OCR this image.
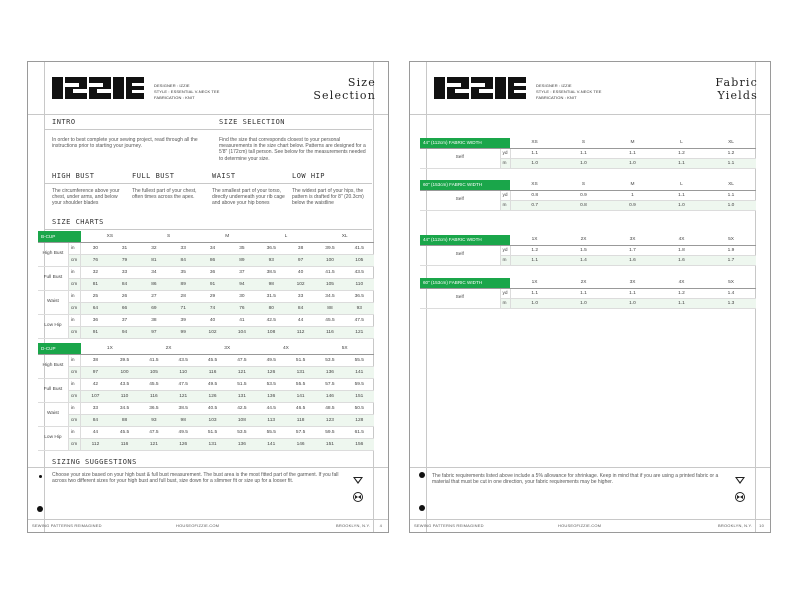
DESIGNER : IZZIE
STYLE : ESSENTIAL V-NECK TEE
FABRICATION : KNIT
Size
Selection
INTRO	SIZE SELECTION
In order to best complete your sewing project, read through all the instructions prior to starting your journey.
Find the size that corresponds closest to your personal measurements in the size chart below. Patterns are designed for a 5'8" (172cm) tall person. See below for the measurements needed to determine your size.
HIGH BUST	FULL BUST	WAIST	LOW HIP
The circumference above your chest, under arms, and below your shoulder blades
The fullest part of your chest, often times across the apex.
The smallest part of your torso, directly underneath your rib cage and above your hip bones
The widest part of your hips, the pattern is drafted for 8" (20.3cm) below the waistline
SIZE CHARTS
B-CUP		XS		S		M		L		XL	
High Bust	in	30	31	32	33	34	35	36.5	38	39.5	41.5
	cm	76	79	81	84	86	89	93	97	100	105
Full Bust	in	32	33	34	35	36	37	38.5	40	41.5	43.5
	cm	81	84	86	89	91	94	98	102	105	110
Waist	in	25	26	27	28	29	30	31.5	33	34.5	36.5
	cm	64	66	69	71	74	76	80	84	88	93
Low Hip	in	36	37	38	39	40	41	42.5	44	45.5	47.5
	cm	91	94	97	99	102	104	108	112	116	121
D-CUP		1X		2X		3X		4X		5X	
High Bust	in	38	39.5	41.5	43.5	45.5	47.5	49.5	51.5	53.5	55.5
	cm	97	100	105	110	116	121	126	131	136	141
Full Bust	in	42	43.5	45.5	47.5	49.5	51.5	53.5	55.5	57.5	59.5
	cm	107	110	116	121	126	131	136	141	146	151
Waist	in	33	34.5	36.5	38.5	40.5	42.5	44.5	46.5	48.5	50.5
	cm	84	88	93	98	103	108	113	118	123	128
Low Hip	in	44	45.5	47.5	49.5	51.5	53.5	55.5	57.5	59.5	61.5
	cm	112	116	121	126	131	136	141	146	151	156
SIZING SUGGESTIONS
Choose your size based on your high bust & full bust measurement. The bust area is the most fitted part of the garment. If you fall across two different sizes for your high bust and full bust, size down for a slimmer fit or size up for a looser fit.
SEWING PATTERNS REIMAGINED	HOUSEOFIZZIE.COM	BROOKLYN, N.Y. 4
DESIGNER : IZZIE
STYLE : ESSENTIAL V-NECK TEE
FABRICATION : KNIT
Fabric
Yields
44" (112cm) FABRIC WIDTH		XS	S	M	L	XL
Self	yd	1.1	1.1	1.1	1.2	1.2
	m	1.0	1.0	1.0	1.1	1.1
60" (153cm) FABRIC WIDTH		XS	S	M	L	XL
Self	yd	0.8	0.9	1	1.1	1.1
	m	0.7	0.8	0.9	1.0	1.0
44" (112cm) FABRIC WIDTH		1X	2X	3X	4X	5X
Self	yd	1.2	1.5	1.7	1.8	1.9
	m	1.1	1.4	1.6	1.6	1.7
60" (153cm) FABRIC WIDTH		1X	2X	3X	4X	5X
Self	yd	1.1	1.1	1.1	1.2	1.4
	m	1.0	1.0	1.0	1.1	1.3
The fabric requirements listed above include a 5% allowance for shrinkage. Keep in mind that if you are using a printed fabric or a material that must be cut in one direction, your fabric requirements may be higher.
SEWING PATTERNS REIMAGINED	HOUSEOFIZZIE.COM	BROOKLYN, N.Y. 10
